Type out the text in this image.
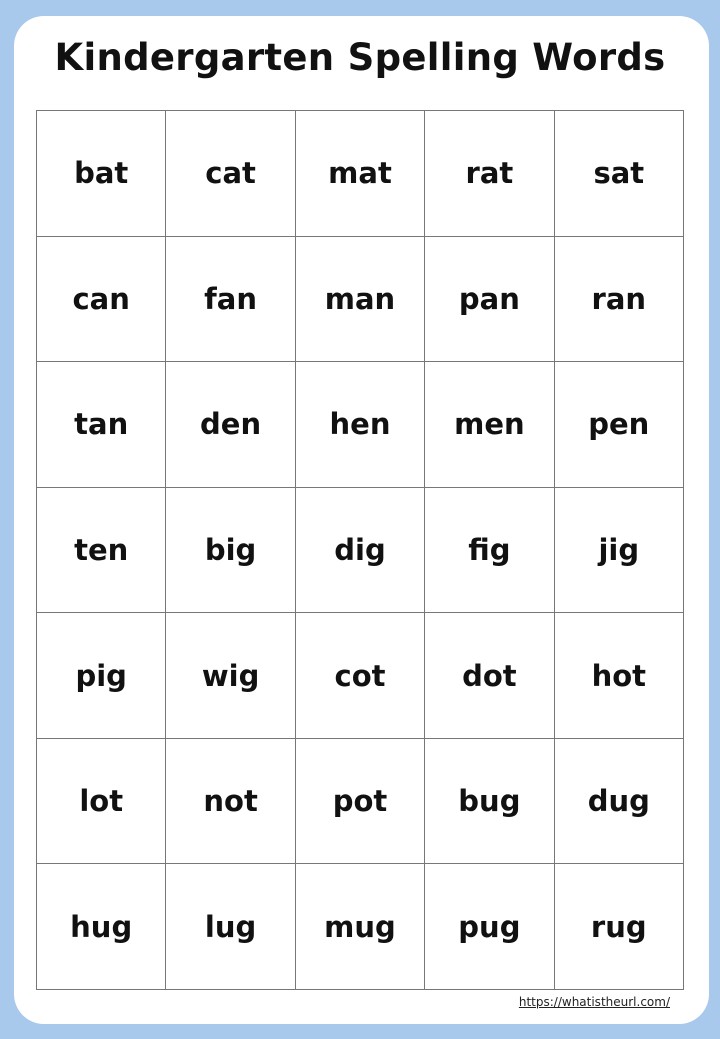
Kindergarten Spelling Words
bat	cat	mat	rat	sat
can	fan	man	pan	ran
tan	den	hen	men	pen
ten	big	dig	fig	jig
pig	wig	cot	dot	hot
lot	not	pot	bug	dug
hug	lug	mug	pug	rug
https://whatistheurl.com/
